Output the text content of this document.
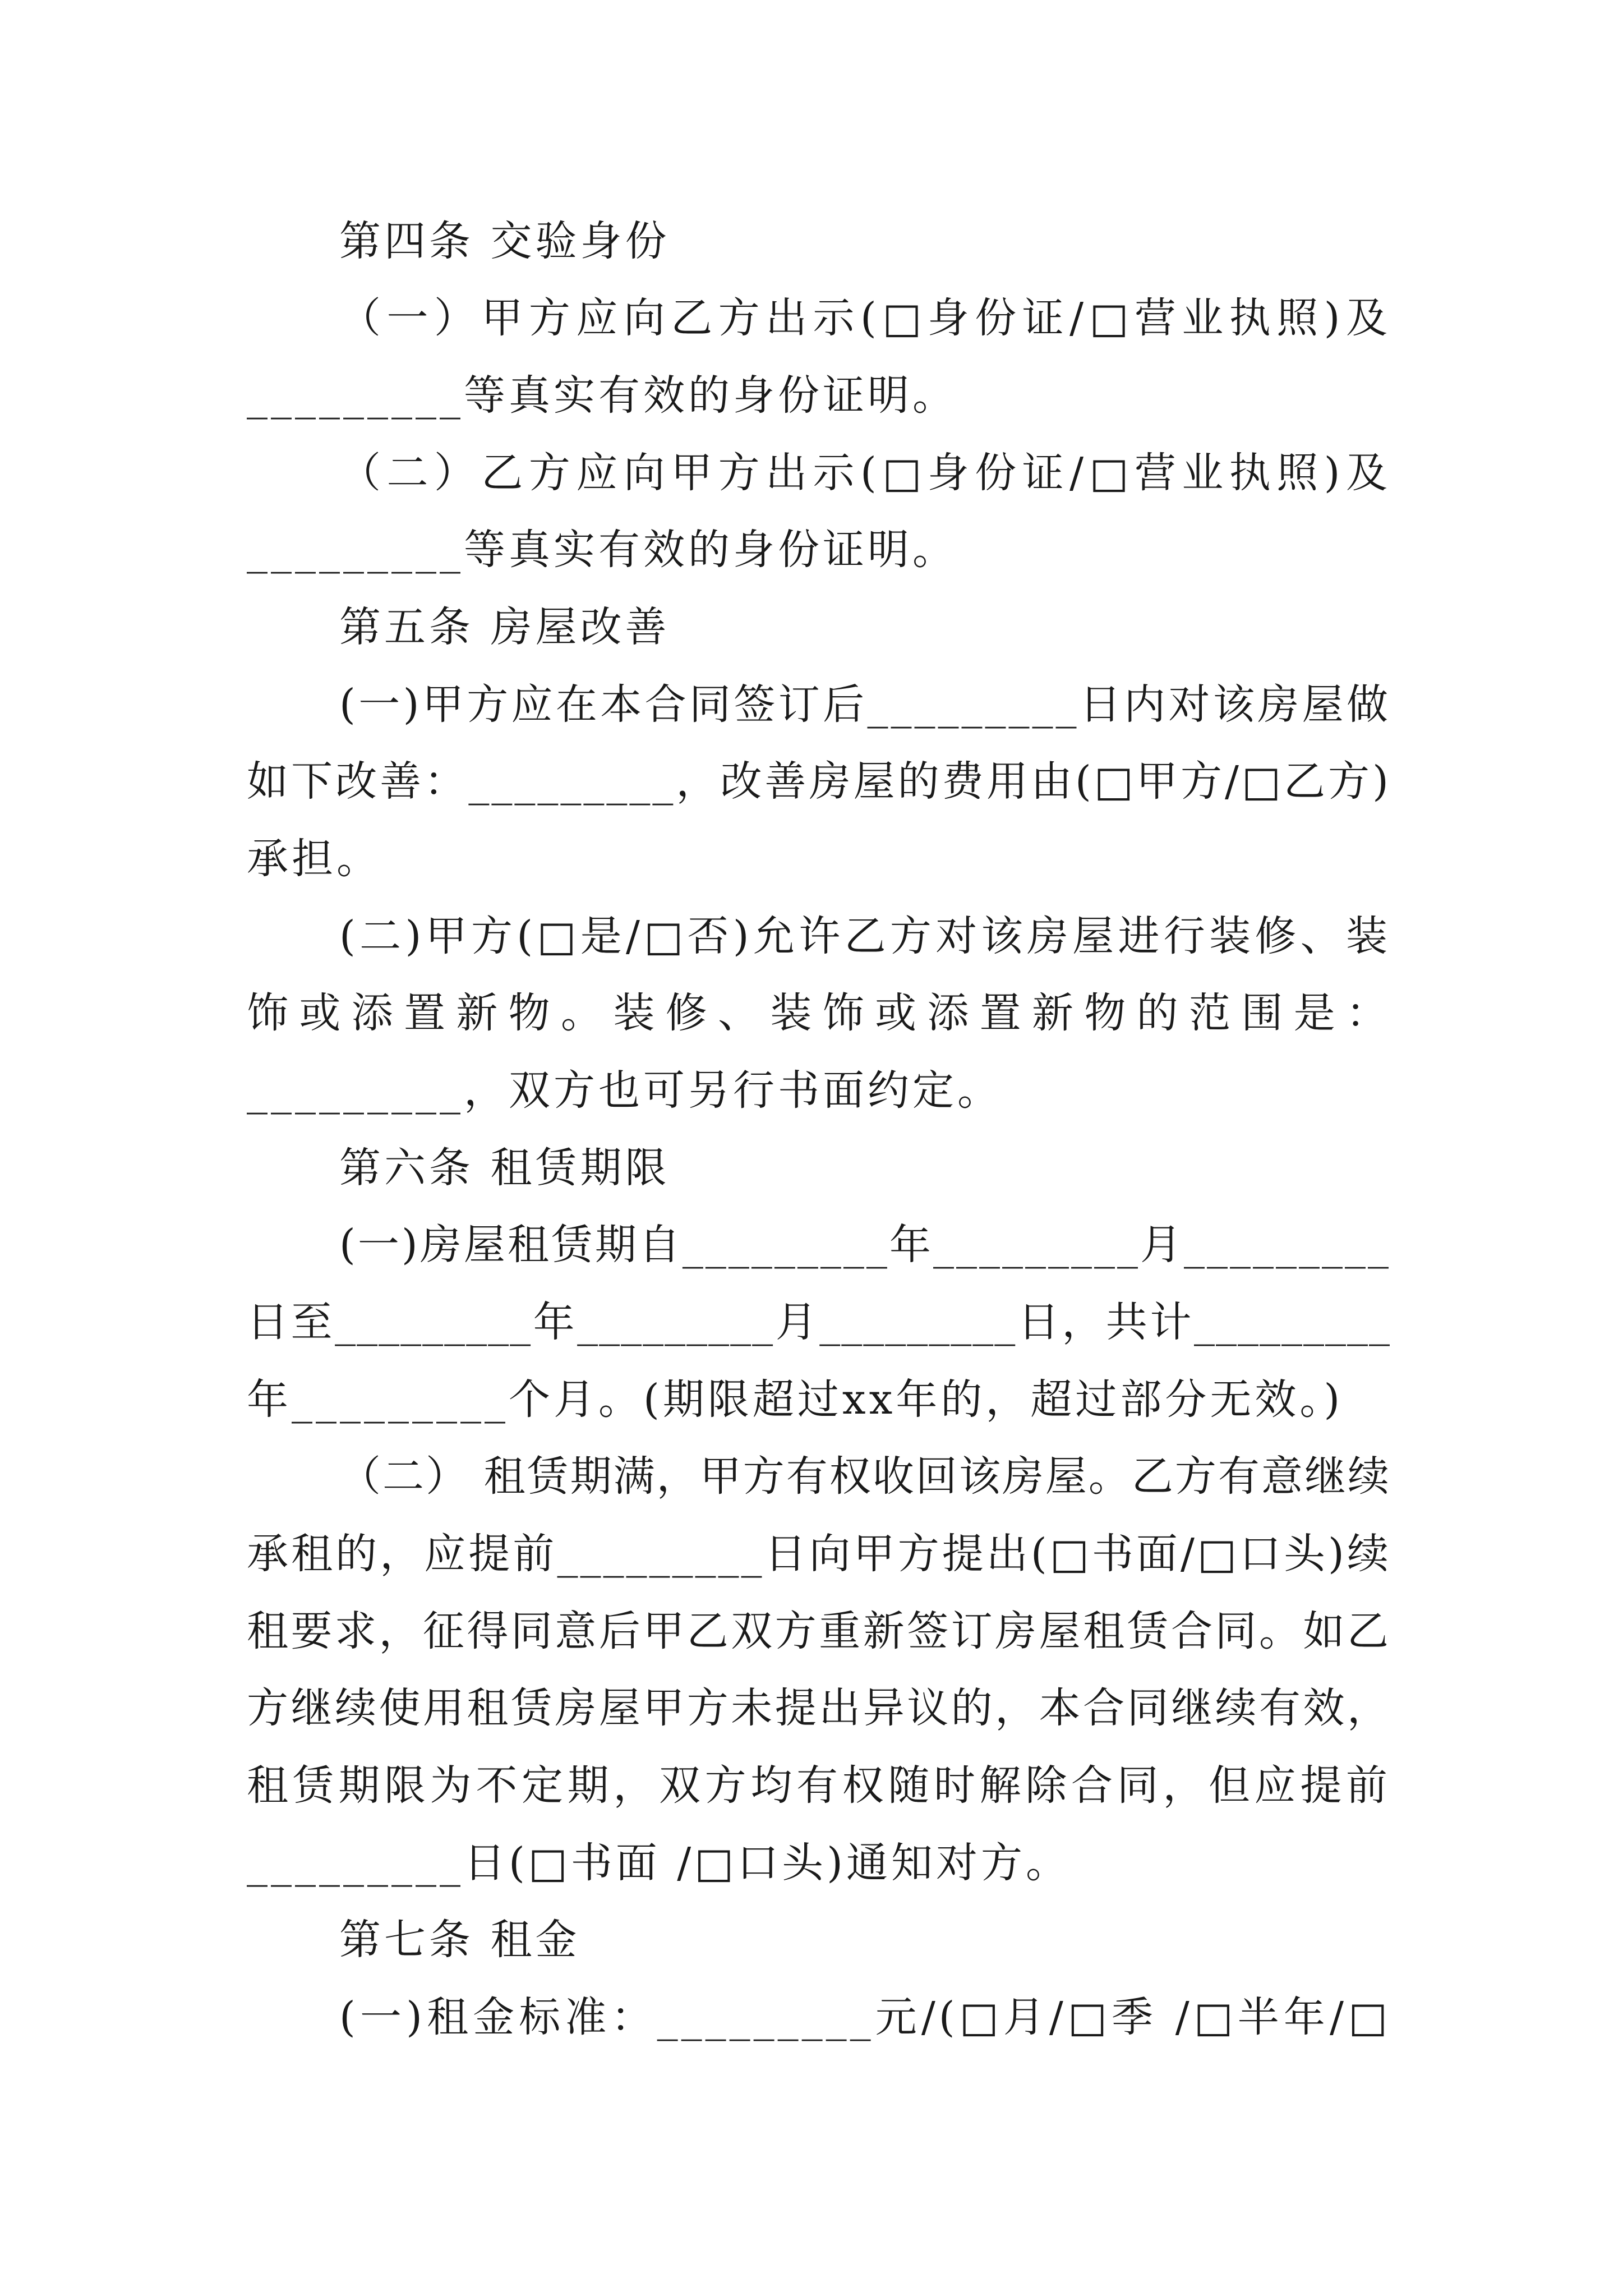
第四条 交验身份
（一）甲方应向乙方出示(□身份证/□营业执照)及
_________等真实有效的身份证明。
（二）乙方应向甲方出示(□身份证/□营业执照)及
_________等真实有效的身份证明。
第五条 房屋改善
(一)甲方应在本合同签订后_________日内对该房屋做
如下改善：_________，改善房屋的费用由(□甲方/□乙方)
承担。
(二)甲方(□是/□否)允许乙方对该房屋进行装修、装
饰或添置新物。装修、装饰或添置新物的范围是：
_________，双方也可另行书面约定。
第六条 租赁期限
(一)房屋租赁期自_________年_________月_________
日至_________年_________月_________日，共计_________
年_________个月。(期限超过xx年的，超过部分无效。)
（二） 租赁期满，甲方有权收回该房屋。乙方有意继续
承租的，应提前_________日向甲方提出(□书面/□口头)续
租要求，征得同意后甲乙双方重新签订房屋租赁合同。如乙
方继续使用租赁房屋甲方未提出异议的，本合同继续有效，
租赁期限为不定期，双方均有权随时解除合同，但应提前
_________日(□书面 /□口头)通知对方。
第七条 租金
(一)租金标准：_________元/(□月/□季 /□半年/□
